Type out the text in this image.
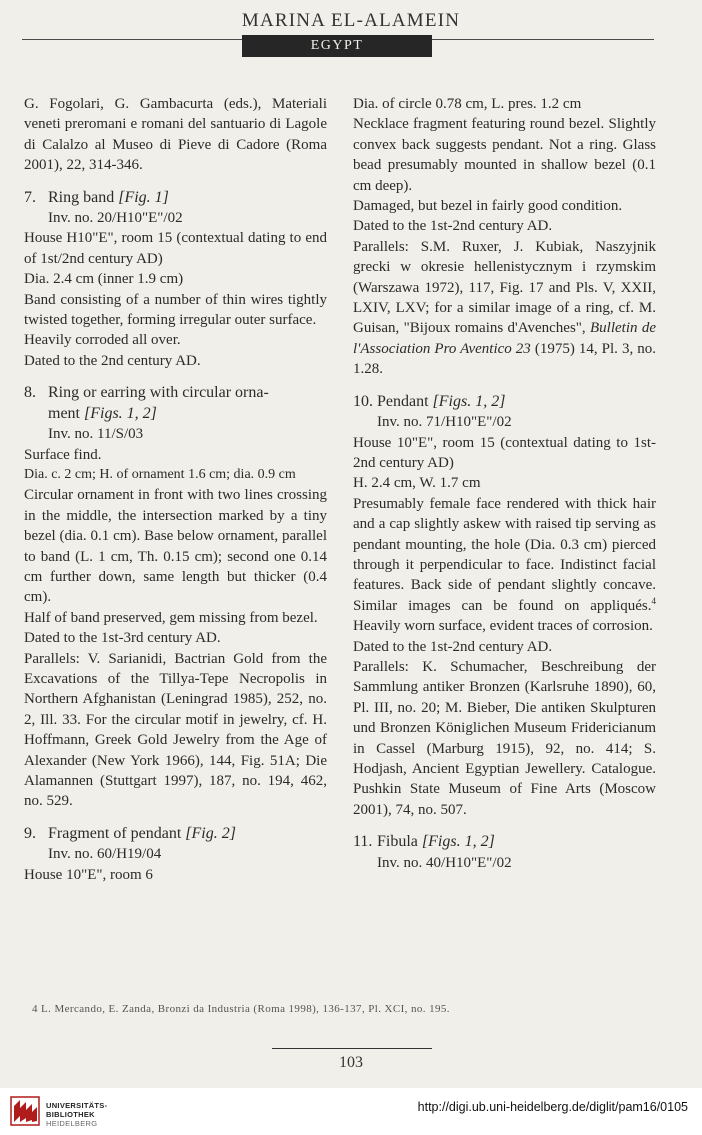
MARINA EL-ALAMEIN
EGYPT

G. Fogolari, G. Gambacurta (eds.), Materiali veneti preromani e romani del santuario di Lagole di Calalzo al Museo di Pieve di Cadore (Roma 2001), 22, 314-346.

7. Ring band [Fig. 1]

Inv. no. 20/H10"E"/02

House H10"E", room 15 (contextual dating to end of 1st/2nd century AD)

Dia. 2.4 cm (inner 1.9 cm)

Band consisting of a number of thin wires tightly twisted together, forming irregular outer surface.

Heavily corroded all over.

Dated to the 2nd century AD.

8. Ring or earring with circular orna-
ment [Figs. 1, 2]

Inv. no. 11/S/03

Surface find.

Dia. c. 2 cm; H. of ornament 1.6 cm; dia. 0.9 cm

Circular ornament in front with two lines crossing in the middle, the intersection marked by a tiny bezel (dia. 0.1 cm). Base below ornament, parallel to band (L. 1 cm, Th. 0.15 cm); second one 0.14 cm further down, same length but thicker (0.4 cm).

Half of band preserved, gem missing from bezel.

Dated to the 1st-3rd century AD.

Parallels: V. Sarianidi, Bactrian Gold from the Excavations of the Tillya-Tepe Necropolis in Northern Afghanistan (Leningrad 1985), 252, no. 2, Ill. 33. For the circular motif in jewelry, cf. H. Hoffmann, Greek Gold Jewelry from the Age of Alexander (New York 1966), 144, Fig. 51A; Die Alamannen (Stuttgart 1997), 187, no. 194, 462, no. 529.

9. Fragment of pendant [Fig. 2]

Inv. no. 60/H19/04

House 10"E", room 6

Dia. of circle 0.78 cm, L. pres. 1.2 cm

Necklace fragment featuring round bezel. Slightly convex back suggests pendant. Not a ring. Glass bead presumably mounted in shallow bezel (0.1 cm deep).

Damaged, but bezel in fairly good condition.

Dated to the 1st-2nd century AD.

Parallels: S.M. Ruxer, J. Kubiak, Naszyjnik grecki w okresie hellenistycznym i rzymskim (Warszawa 1972), 117, Fig. 17 and Pls. V, XXII, LXIV, LXV; for a similar image of a ring, cf. M. Guisan, "Bijoux romains d'Avenches", Bulletin de l'Association Pro Aventico 23 (1975) 14, Pl. 3, no. 1.28.

10. Pendant [Figs. 1, 2]

Inv. no. 71/H10"E"/02

House 10"E", room 15 (contextual dating to 1st-2nd century AD)

H. 2.4 cm, W. 1.7 cm

Presumably female face rendered with thick hair and a cap slightly askew with raised tip serving as pendant mounting, the hole (Dia. 0.3 cm) pierced through it perpendicular to face. Indistinct facial features. Back side of pendant slightly concave. Similar images can be found on appliqués.$^4$ Heavily worn surface, evident traces of corrosion.

Dated to the 1st-2nd century AD.

Parallels: K. Schumacher, Beschreibung der Sammlung antiker Bronzen (Karlsruhe 1890), 60, Pl. III, no. 20; M. Bieber, Die antiken Skulpturen und Bronzen Königlichen Museum Fridericianum in Cassel (Marburg 1915), 92, no. 414; S. Hodjash, Ancient Egyptian Jewellery. Catalogue. Pushkin State Museum of Fine Arts (Moscow 2001), 74, no. 507.

11. Fibula [Figs. 1, 2]

Inv. no. 40/H10"E"/02

4 L. Mercando, E. Zanda, Bronzi da Industria (Roma 1998), 136-137, Pl. XCI, no. 195.
103
UNIVERSITÄTS-
BIBLIOTHEK
HEIDELBERG
http://digi.ub.uni-heidelberg.de/diglit/pam16/0105
